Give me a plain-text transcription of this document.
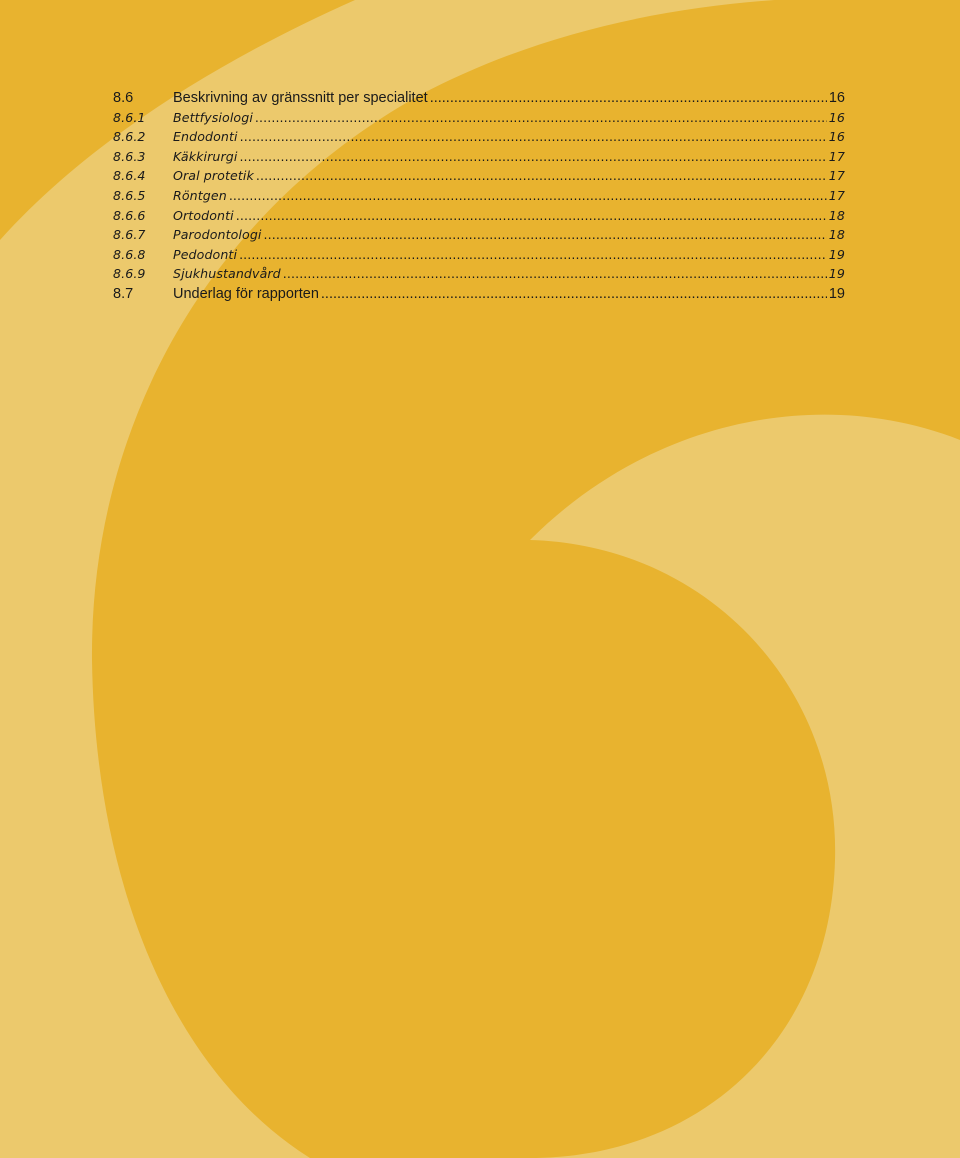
8.6	Beskrivning av gränssnitt per specialitet .....	16
8.6.1	Bettfysiologi .....	16
8.6.2	Endodonti .....	16
8.6.3	Käkkirurgi .....	17
8.6.4	Oral protetik .....	17
8.6.5	Röntgen .....	17
8.6.6	Ortodonti .....	18
8.6.7	Parodontologi .....	18
8.6.8	Pedodonti .....	19
8.6.9	Sjukhustandvård .....	19
8.7	Underlag för rapporten .....	19
